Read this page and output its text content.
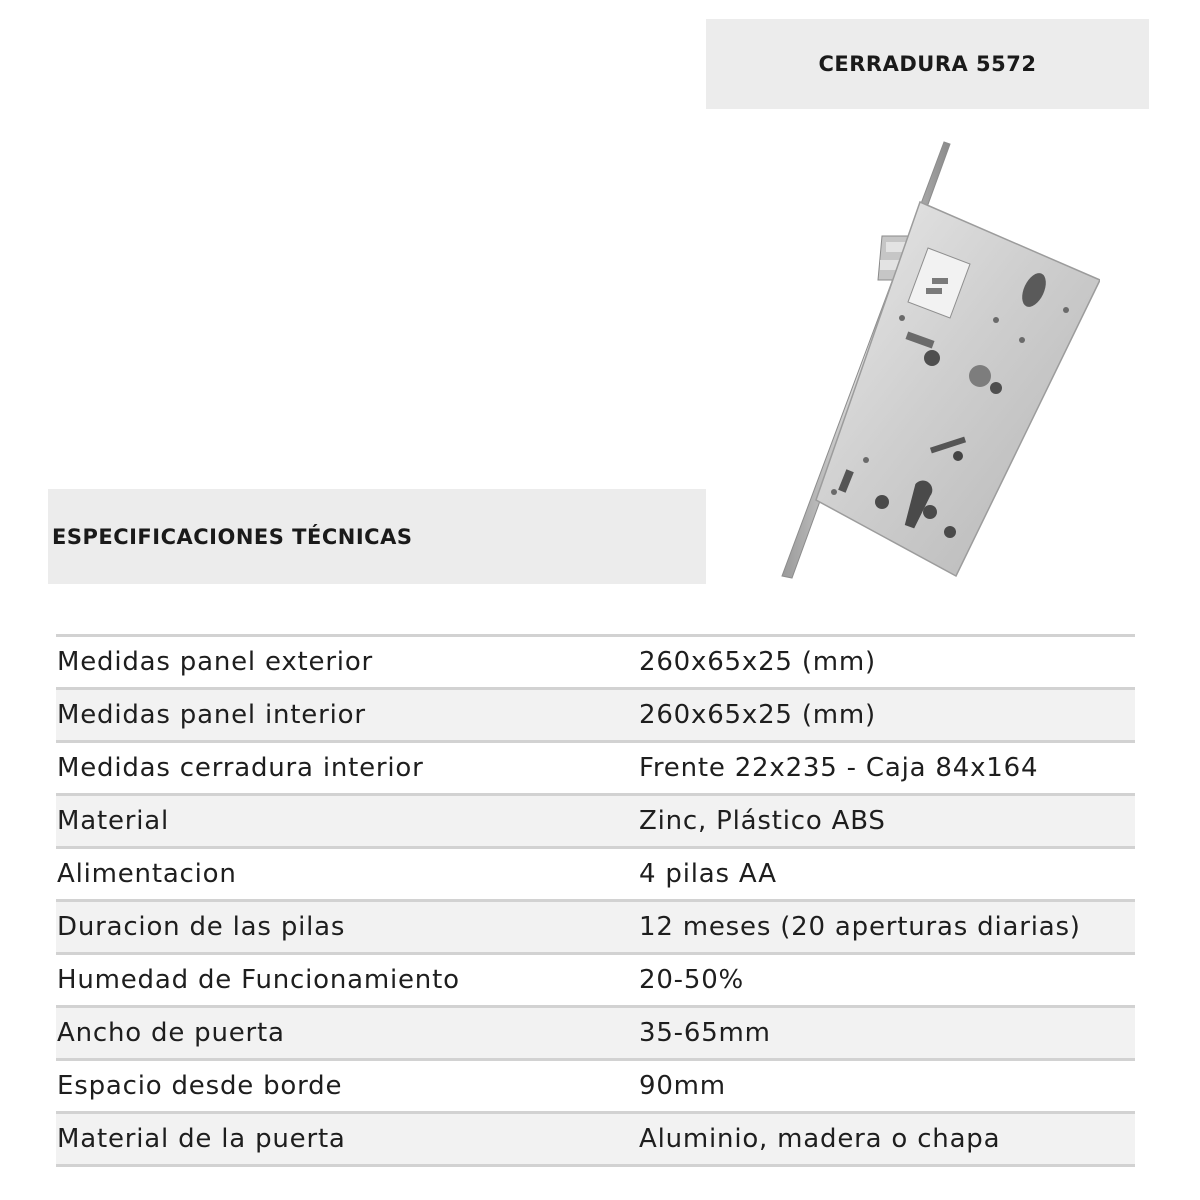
CERRADURA 5572
ESPECIFICACIONES TÉCNICAS
Medidas panel exterior	260x65x25 (mm)
Medidas panel interior	260x65x25 (mm)
Medidas cerradura interior	Frente 22x235 - Caja 84x164
Material	Zinc, Plástico ABS
Alimentacion	4 pilas AA
Duracion de las pilas	12 meses (20 aperturas diarias)
Humedad de Funcionamiento	20-50%
Ancho de puerta	35-65mm
Espacio desde borde	90mm
Material de la puerta	Aluminio, madera o chapa
